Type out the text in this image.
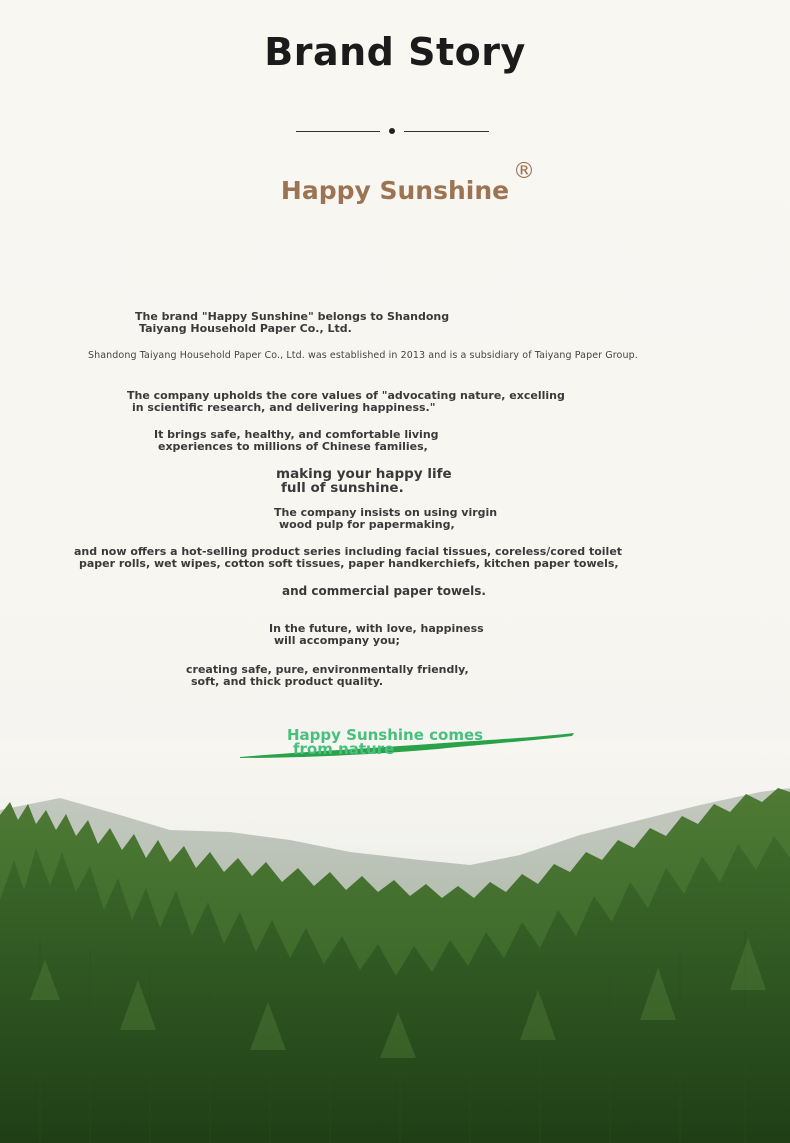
Brand Story
Happy Sunshine
®
The brand "Happy Sunshine" belongs to Shandong
Taiyang Household Paper Co., Ltd.
Shandong Taiyang Household Paper Co., Ltd. was established in 2013 and is a subsidiary of Taiyang Paper Group.
The company upholds the core values of "advocating nature, excelling
in scientific research, and delivering happiness."
It brings safe, healthy, and comfortable living
experiences to millions of Chinese families,
making your happy life
full of sunshine.
The company insists on using virgin
wood pulp for papermaking,
and now offers a hot-selling product series including facial tissues, coreless/cored toilet
paper rolls, wet wipes, cotton soft tissues, paper handkerchiefs, kitchen paper towels,
and commercial paper towels.
In the future, with love, happiness
will accompany you;
creating safe, pure, environmentally friendly,
soft, and thick product quality.
Happy Sunshine comes
from nature
